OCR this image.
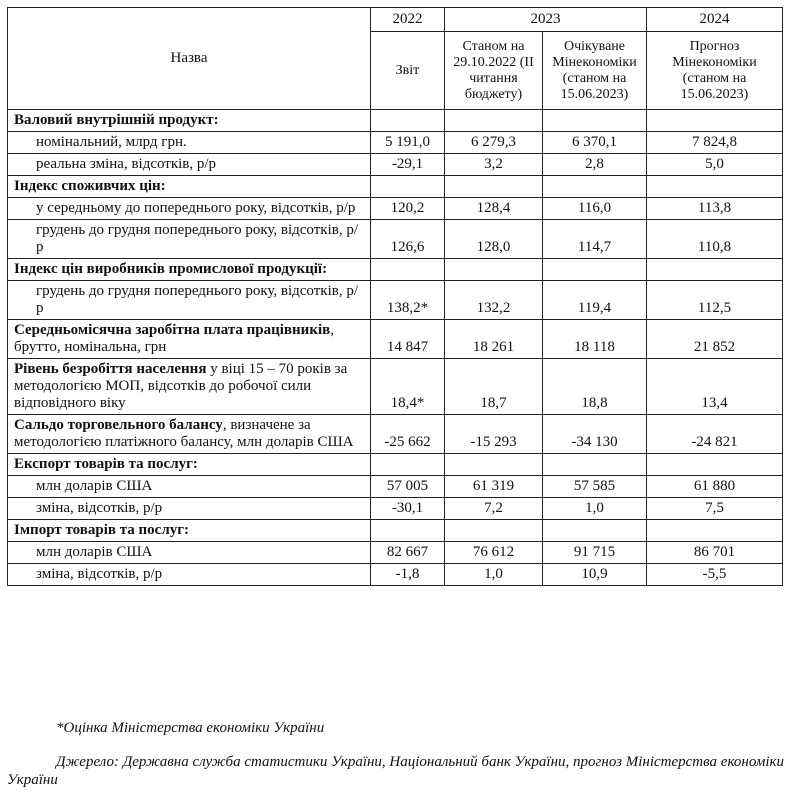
Назва	2022	2023		2024
	Звіт	Станом на 29.10.2022 (ІІ читання бюджету)	Очікуване Мінекономіки (станом на 15.06.2023)	Прогноз Мінекономіки (станом на 15.06.2023)
Валовий внутрішній продукт:				
номінальний, млрд грн.	5 191,0	6 279,3	6 370,1	7 824,8
реальна зміна, відсотків, р/р	-29,1	3,2	2,8	5,0
Індекс споживчих цін:				
у середньому до попереднього року, відсотків, р/р	120,2	128,4	116,0	113,8
грудень до грудня попереднього року, відсотків, р/р	126,6	128,0	114,7	110,8
Індекс цін виробників промислової продукції:				
грудень до грудня попереднього року, відсотків, р/р	138,2*	132,2	119,4	112,5
Середньомісячна заробітна плата працівників, брутто, номінальна, грн	14 847	18 261	18 118	21 852
Рівень безробіття населення у віці 15 – 70 років за методологією МОП, відсотків до робочої сили відповідного віку	18,4*	18,7	18,8	13,4
Сальдо торговельного балансу, визначене за методологією платіжного балансу, млн доларів США	-25 662	-15 293	-34 130	-24 821
Експорт товарів та послуг:				
млн доларів США	57 005	61 319	57 585	61 880
зміна, відсотків, р/р	-30,1	7,2	1,0	7,5
Імпорт товарів та послуг:				
млн доларів США	82 667	76 612	91 715	86 701
зміна, відсотків, р/р	-1,8	1,0	10,9	-5,5
*Оцінка Міністерства економіки України
Джерело: Державна служба статистики України, Національний банк України, прогноз Міністерства економіки України
